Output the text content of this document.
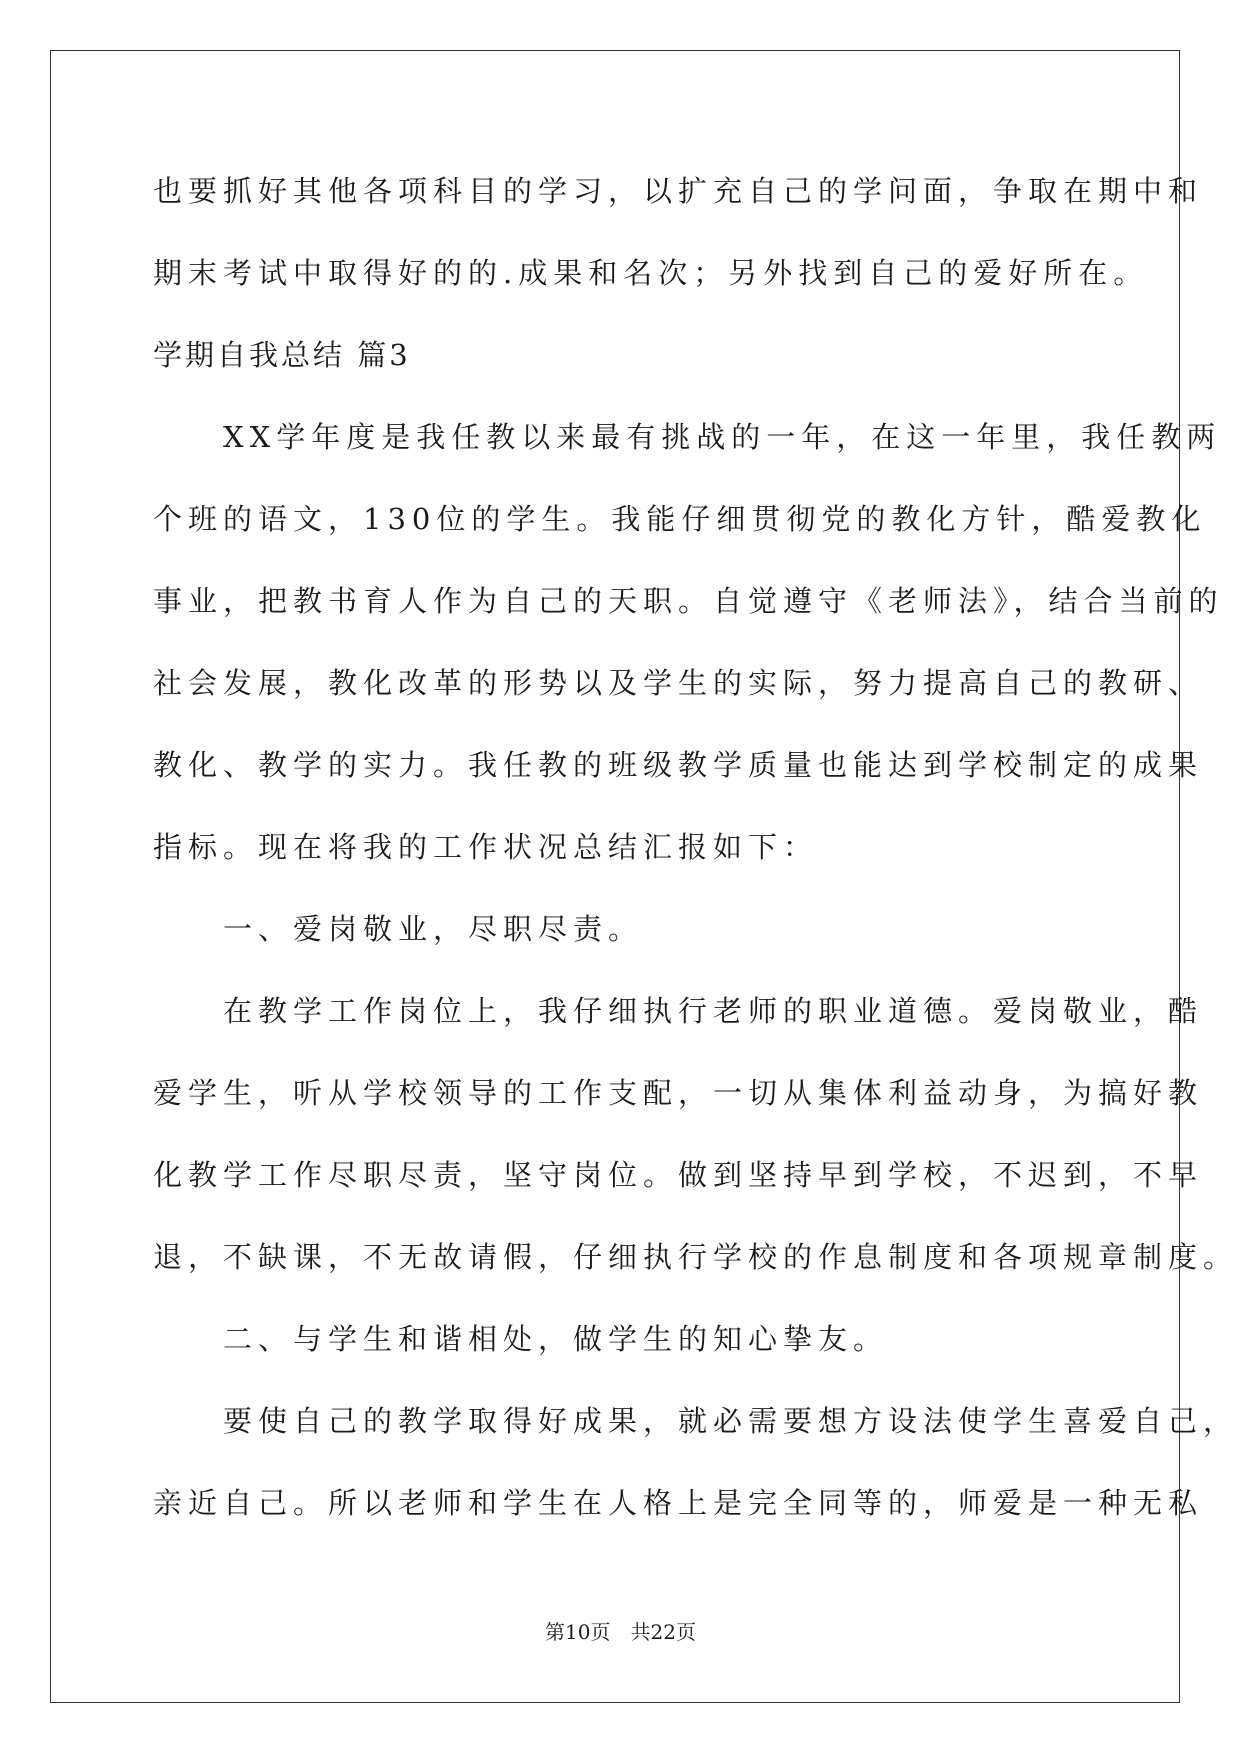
也要抓好其他各项科目的学习，以扩充自己的学问面，争取在期中和
期末考试中取得好的的.成果和名次；另外找到自己的爱好所在。
学期自我总结 篇3
　　XX学年度是我任教以来最有挑战的一年，在这一年里，我任教两
个班的语文，130位的学生。我能仔细贯彻党的教化方针，酷爱教化
事业，把教书育人作为自己的天职。自觉遵守《老师法》，结合当前的
社会发展，教化改革的形势以及学生的实际，努力提高自己的教研、
教化、教学的实力。我任教的班级教学质量也能达到学校制定的成果
指标。现在将我的工作状况总结汇报如下：
　　一、爱岗敬业，尽职尽责。
　　在教学工作岗位上，我仔细执行老师的职业道德。爱岗敬业，酷
爱学生，听从学校领导的工作支配，一切从集体利益动身，为搞好教
化教学工作尽职尽责，坚守岗位。做到坚持早到学校，不迟到，不早
退，不缺课，不无故请假，仔细执行学校的作息制度和各项规章制度。
　　二、与学生和谐相处，做学生的知心挚友。
　　要使自己的教学取得好成果，就必需要想方设法使学生喜爱自己，
亲近自己。所以老师和学生在人格上是完全同等的，师爱是一种无私
第10页　共22页
